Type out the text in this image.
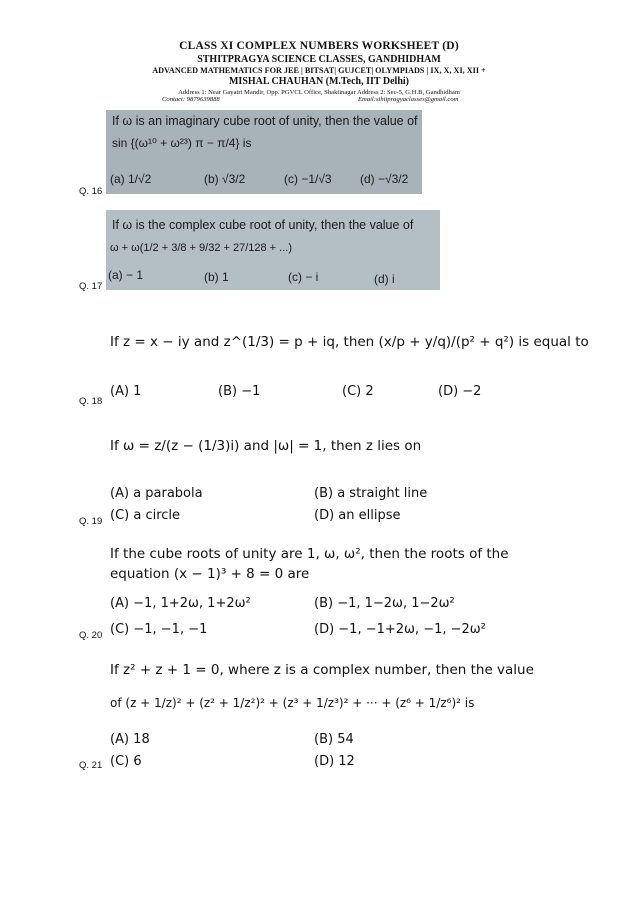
CLASS XI COMPLEX NUMBERS WORKSHEET (D)
STHITPRAGYA SCIENCE CLASSES, GANDHIDHAM
ADVANCED MATHEMATICS FOR JEE | BITSAT| GUJCET| OLYMPIADS | IX, X, XI, XII +
MISHAL CHAUHAN (M.Tech, IIT Delhi)
Address 1: Near Gayatri Mandir, Opp. PGVCL Office, Shaktinagar Address 2: Sec-5, G.H.B, Gandhidham
Contact: 9879639888	Email:sthitpragyaclasses@gmail.com
If ω is an imaginary cube root of unity, then the value of
sin {(ω¹⁰ + ω²³) π − π/4} is
(a) 1/√2	(b) √3/2	(c) −1/√3 (d) −√3/2
Q. 16
If ω is the complex cube root of unity, then the value of
ω + ω(1/2 + 3/8 + 9/32 + 27/128 + ...)
(a) − 1	(b) 1	(c) − i	(d) i
Q. 17
If z = x − iy and z^(1/3) = p + iq, then (x/p + y/q)/(p² + q²) is equal to
(A) 1	(B) −1	(C) 2	(D) −2
Q. 18
If ω = z/(z − (1/3)i) and |ω| = 1, then z lies on
(A) a parabola	(B) a straight line
(C) a circle	(D) an ellipse
Q. 19
If the cube roots of unity are 1, ω, ω², then the roots of the
equation (x − 1)³ + 8 = 0 are
(A) −1, 1+2ω, 1+2ω²	(B) −1, 1−2ω, 1−2ω²
(C) −1, −1, −1	(D) −1, −1+2ω, −1, −2ω²
Q. 20
If z² + z + 1 = 0, where z is a complex number, then the value
of (z + 1/z)² + (z² + 1/z²)² + (z³ + 1/z³)² + ··· + (z⁶ + 1/z⁶)² is
(A) 18	(B) 54
(C) 6	(D) 12
Q. 21
